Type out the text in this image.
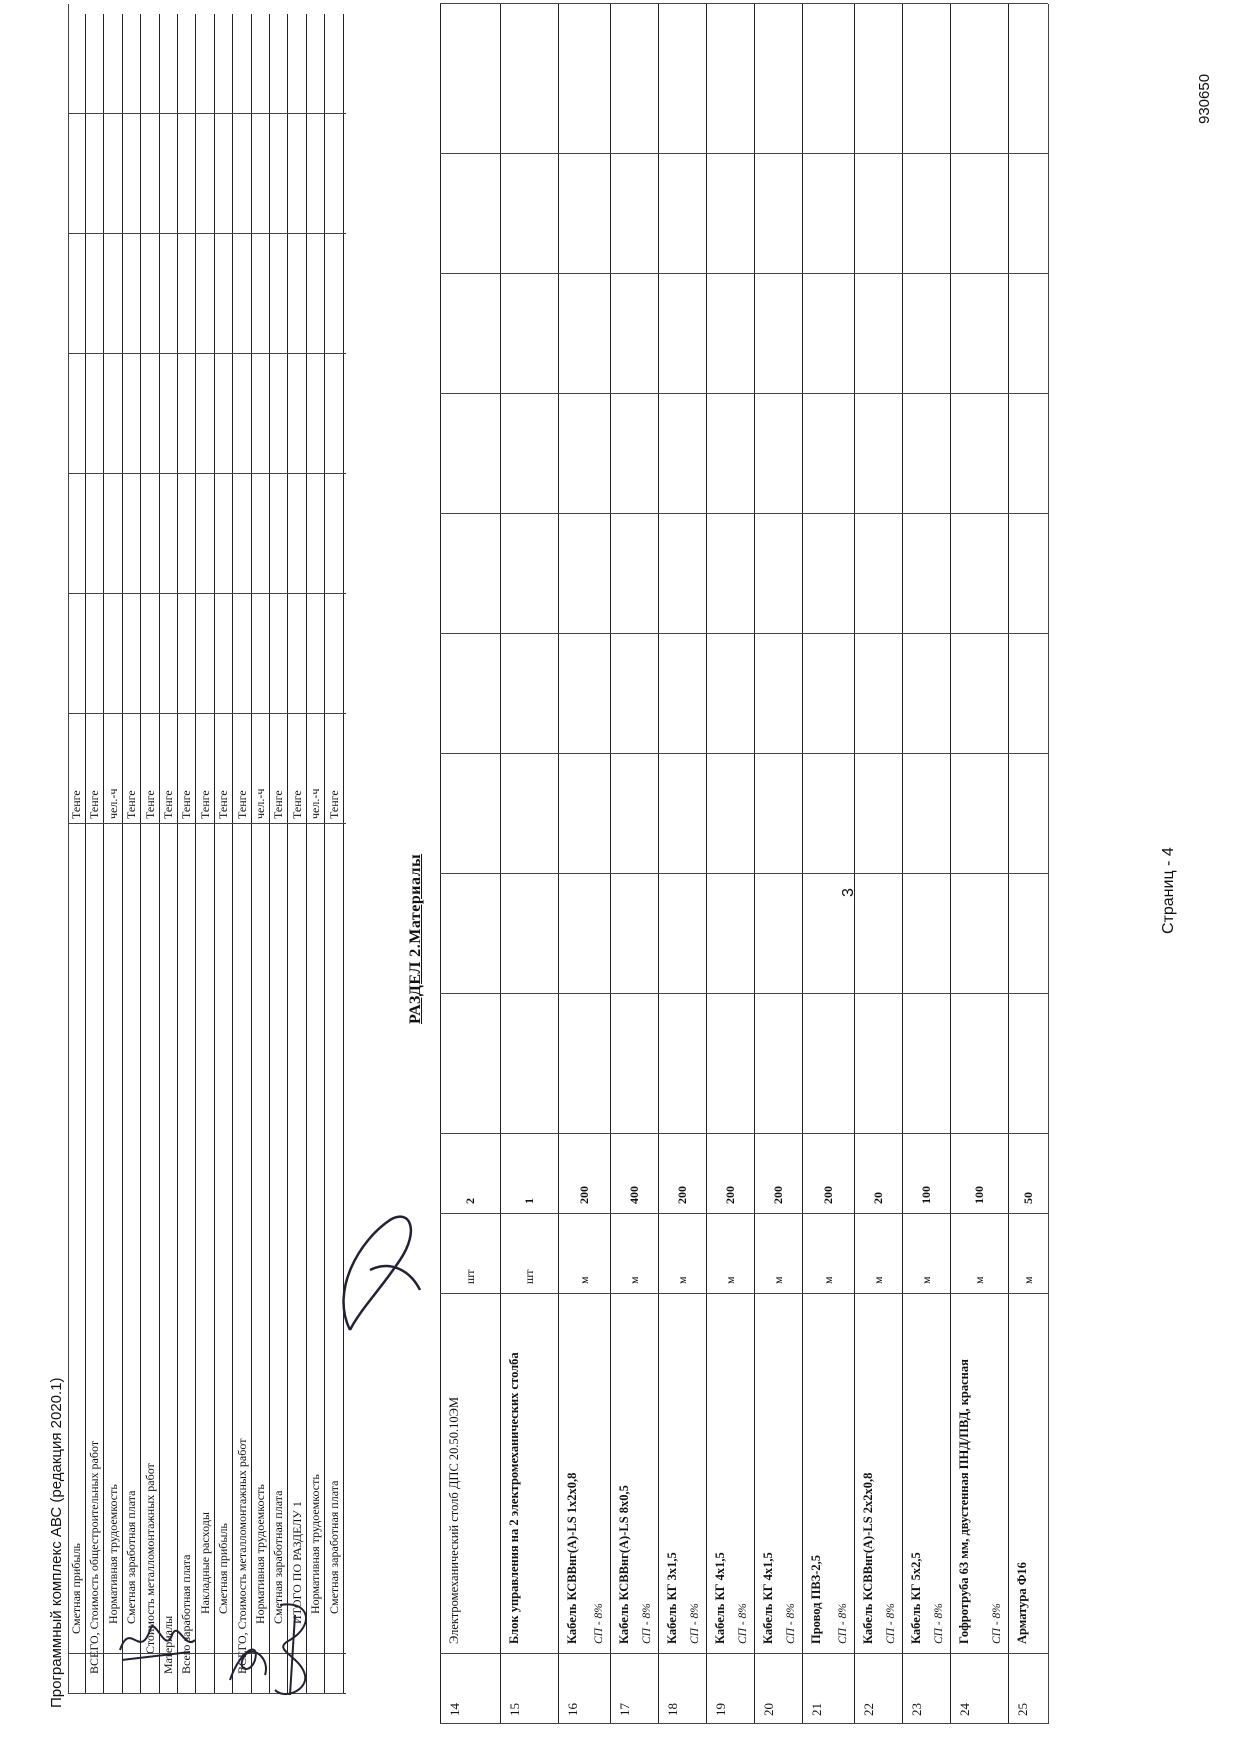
Программный комплекс АВС (редакция 2020.1)
3
930650
Страниц - 4
Сметная прибыль
Тенге
ВСЕГО, Стоимость общестроительных работ
Тенге
Нормативная трудоемкость
чел.-ч
Сметная заработная плата
Тенге
Стоимость металломонтажных работ
Тенге
Материалы
Тенге
Всего заработная плата
Тенге
Накладные расходы
Тенге
Сметная прибыль
Тенге
ВСЕГО, Стоимость металломонтажных работ
Тенге
Нормативная трудоемкость
чел.-ч
Сметная заработная плата
Тенге
ИТОГО ПО РАЗДЕЛУ 1
Тенге
Нормативная трудоемкость
чел.-ч
Сметная заработная плата
Тенге
РАЗДЕЛ 2.Материалы
14
Электромеханический столб ДПС 20.50.10ЭМ
шт
2
15
Блок управления на 2 электромеханических столба
шт
1
16
Кабель КСВВнг(А)-LS 1x2x0,8 СП - 8%
м
200
17
Кабель КСВВнг(А)-LS 8x0,5 СП - 8%
м
400
18
Кабель КГ 3x1,5 СП - 8%
м
200
19
Кабель КГ 4x1,5 СП - 8%
м
200
20
Кабель КГ 4x1,5 СП - 8%
м
200
21
Провод ПВЗ-2,5 СП - 8%
м
200
22
Кабель КСВВнг(А)-LS 2x2x0,8 СП - 8%
м
20
23
Кабель КГ 5x2,5 СП - 8%
м
100
24
Гофротруба 63 мм, двустенная ПНД/ПВД, красная СП - 8%
м
100
25
Арматура Ф16
м
50
